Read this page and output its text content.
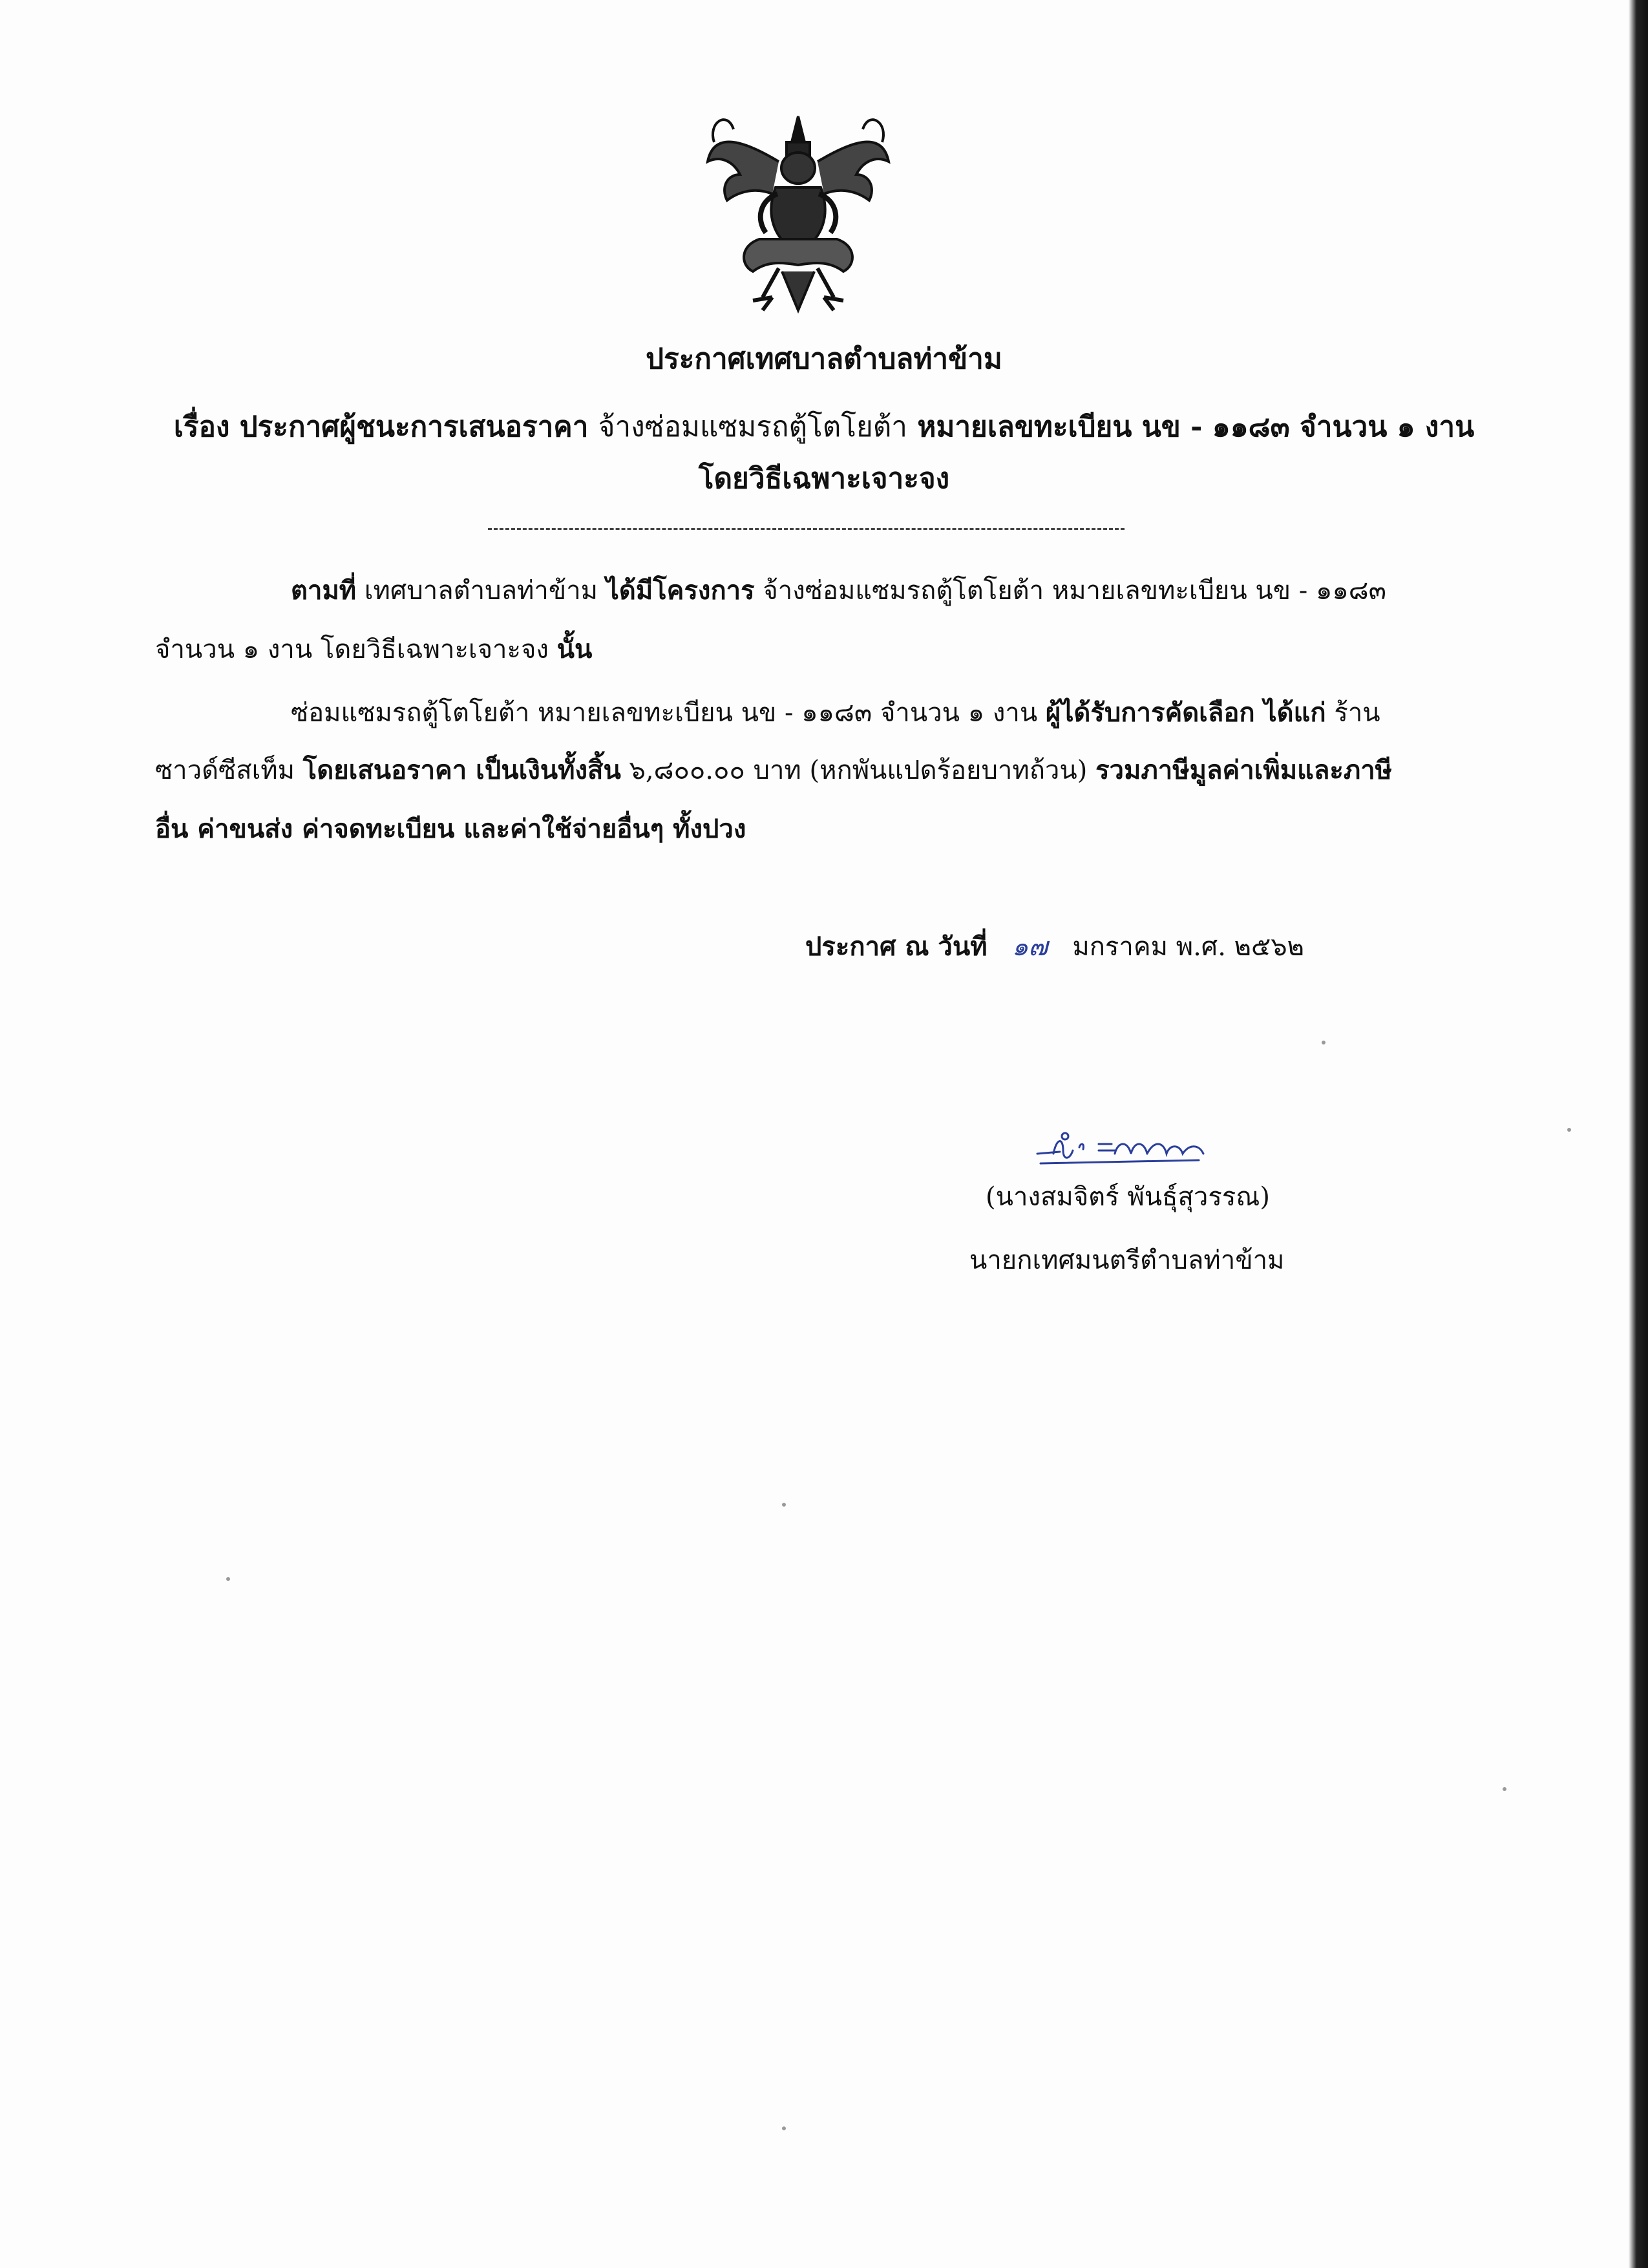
ประกาศเทศบาลตำบลท่าข้าม
เรื่อง ประกาศผู้ชนะการเสนอราคา จ้างซ่อมแซมรถตู้โตโยต้า หมายเลขทะเบียน นข - ๑๑๘๓ จำนวน ๑ งาน
โดยวิธีเฉพาะเจาะจง
ตามที่ เทศบาลตำบลท่าข้าม ได้มีโครงการ จ้างซ่อมแซมรถตู้โตโยต้า หมายเลขทะเบียน นข - ๑๑๘๓
จำนวน ๑ งาน โดยวิธีเฉพาะเจาะจง นั้น
ซ่อมแซมรถตู้โตโยต้า หมายเลขทะเบียน นข - ๑๑๘๓ จำนวน ๑ งาน ผู้ได้รับการคัดเลือก ได้แก่ ร้าน
ซาวด์ซีสเท็ม โดยเสนอราคา เป็นเงินทั้งสิ้น ๖,๘๐๐.๐๐ บาท (หกพันแปดร้อยบาทถ้วน) รวมภาษีมูลค่าเพิ่มและภาษี
อื่น ค่าขนส่ง ค่าจดทะเบียน และค่าใช้จ่ายอื่นๆ ทั้งปวง
ประกาศ ณ วันที่ ๑๗ มกราคม พ.ศ. ๒๕๖๒
(นางสมจิตร์ พันธุ์สุวรรณ)
นายกเทศมนตรีตำบลท่าข้าม
